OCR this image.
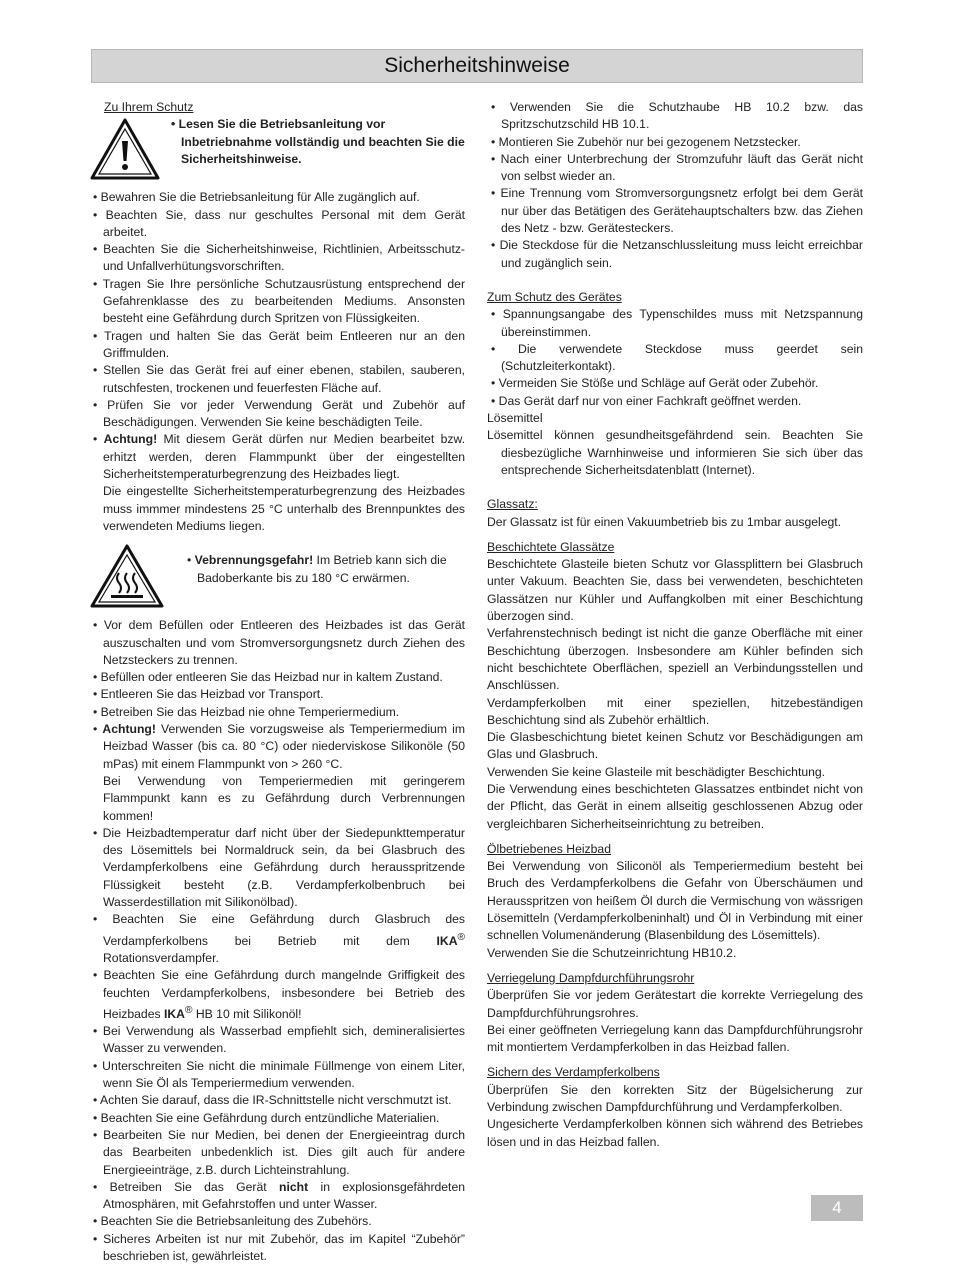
Sicherheitshinweise

Zu Ihrem Schutz

• Lesen Sie die Betriebsanleitung vor Inbetriebnahme vollständig und beachten Sie die Sicherheitshinweise.

• Bewahren Sie die Betriebsanleitung für Alle zugänglich auf.

• Beachten Sie, dass nur geschultes Personal mit dem Gerät arbeitet.

• Beachten Sie die Sicherheitshinweise, Richtlinien, Arbeitsschutz- und Unfallverhütungsvorschriften.

• Tragen Sie Ihre persönliche Schutzausrüstung entsprechend der Gefahrenklasse des zu bearbeitenden Mediums. Ansonsten besteht eine Gefährdung durch Spritzen von Flüssigkeiten.

• Tragen und halten Sie das Gerät beim Entleeren nur an den Griffmulden.

• Stellen Sie das Gerät frei auf einer ebenen, stabilen, sauberen, rutschfesten, trockenen und feuerfesten Fläche auf.

• Prüfen Sie vor jeder Verwendung Gerät und Zubehör auf Beschädigungen. Verwenden Sie keine beschädigten Teile.

• Achtung! Mit diesem Gerät dürfen nur Medien bearbeitet bzw. erhitzt werden, deren Flammpunkt über der eingestellten Sicherheitstemperaturbegrenzung des Heizbades liegt.

Die eingestellte Sicherheitstemperaturbegrenzung des Heizbades muss immmer mindestens 25 °C unterhalb des Brennpunktes des verwendeten Mediums liegen.

• Vebrennungsgefahr! Im Betrieb kann sich die Badoberkante bis zu 180 °C erwärmen.

• Vor dem Befüllen oder Entleeren des Heizbades ist das Gerät auszuschalten und vom Stromversorgungsnetz durch Ziehen des Netzsteckers zu trennen.

• Befüllen oder entleeren Sie das Heizbad nur in kaltem Zustand.

• Entleeren Sie das Heizbad vor Transport.

• Betreiben Sie das Heizbad nie ohne Temperiermedium.

• Achtung! Verwenden Sie vorzugsweise als Temperiermedium im Heizbad Wasser (bis ca. 80 °C) oder niederviskose Silikonöle (50 mPas) mit einem Flammpunkt von > 260 °C.

Bei Verwendung von Temperiermedien mit geringerem Flammpunkt kann es zu Gefährdung durch Verbrennungen kommen!

• Die Heizbadtemperatur darf nicht über der Siedepunkttemperatur des Lösemittels bei Normaldruck sein, da bei Glasbruch des Verdampferkolbens eine Gefährdung durch herausspritzende Flüssigkeit besteht (z.B. Verdampferkolbenbruch bei Wasserdestillation mit Silikonölbad).

• Beachten Sie eine Gefährdung durch Glasbruch des Verdampferkolbens bei Betrieb mit dem IKA® Rotationsverdampfer.

• Beachten Sie eine Gefährdung durch mangelnde Griffigkeit des feuchten Verdampferkolbens, insbesondere bei Betrieb des Heizbades IKA® HB 10 mit Silikonöl!

• Bei Verwendung als Wasserbad empfiehlt sich, demineralisiertes Wasser zu verwenden.

• Unterschreiten Sie nicht die minimale Füllmenge von einem Liter, wenn Sie Öl als Temperiermedium verwenden.

• Achten Sie darauf, dass die IR-Schnittstelle nicht verschmutzt ist.

• Beachten Sie eine Gefährdung durch entzündliche Materialien.

• Bearbeiten Sie nur Medien, bei denen der Energieeintrag durch das Bearbeiten unbedenklich ist. Dies gilt auch für andere Energieeinträge, z.B. durch Lichteinstrahlung.

• Betreiben Sie das Gerät nicht in explosionsgefährdeten Atmosphären, mit Gefahrstoffen und unter Wasser.

• Beachten Sie die Betriebsanleitung des Zubehörs.

• Sicheres Arbeiten ist nur mit Zubehör, das im Kapitel “Zubehör” beschrieben ist, gewährleistet.

• Verwenden Sie die Schutzhaube HB 10.2 bzw. das Spritzschutzschild HB 10.1.

• Montieren Sie Zubehör nur bei gezogenem Netzstecker.

• Nach einer Unterbrechung der Stromzufuhr läuft das Gerät nicht von selbst wieder an.

• Eine Trennung vom Stromversorgungsnetz erfolgt bei dem Gerät nur über das Betätigen des Gerätehauptschalters bzw. das Ziehen des Netz - bzw. Gerätesteckers.

• Die Steckdose für die Netzanschlussleitung muss leicht erreichbar und zugänglich sein.

Zum Schutz des Gerätes

• Spannungsangabe des Typenschildes muss mit Netzspannung übereinstimmen.

• Die verwendete Steckdose muss geerdet sein (Schutzleiterkontakt).

• Vermeiden Sie Stöße und Schläge auf Gerät oder Zubehör.

• Das Gerät darf nur von einer Fachkraft geöffnet werden.

Lösemittel

Lösemittel können gesundheitsgefährdend sein. Beachten Sie diesbezügliche Warnhinweise und informieren Sie sich über das entsprechende Sicherheitsdatenblatt (Internet).

Glassatz:

Der Glassatz ist für einen Vakuumbetrieb bis zu 1mbar ausgelegt.

Beschichtete Glassätze

Beschichtete Glasteile bieten Schutz vor Glassplittern bei Glasbruch unter Vakuum. Beachten Sie, dass bei verwendeten, beschichteten Glassätzen nur Kühler und Auffangkolben mit einer Beschichtung überzogen sind.

Verfahrenstechnisch bedingt ist nicht die ganze Oberfläche mit einer Beschichtung überzogen. Insbesondere am Kühler befinden sich nicht beschichtete Oberflächen, speziell an Verbindungsstellen und Anschlüssen.

Verdampferkolben mit einer speziellen, hitzebeständigen Beschichtung sind als Zubehör erhältlich.

Die Glasbeschichtung bietet keinen Schutz vor Beschädigungen am Glas und Glasbruch.

Verwenden Sie keine Glasteile mit beschädigter Beschichtung.

Die Verwendung eines beschichteten Glassatzes entbindet nicht von der Pflicht, das Gerät in einem allseitig geschlossenen Abzug oder vergleichbaren Sicherheitseinrichtung zu betreiben.

Ölbetriebenes Heizbad

Bei Verwendung von Siliconöl als Temperiermedium besteht bei Bruch des Verdampferkolbens die Gefahr von Überschäumen und Herausspritzen von heißem Öl durch die Vermischung von wässrigen Lösemitteln (Verdampferkolbeninhalt) und Öl in Verbindung mit einer schnellen Volumenänderung (Blasenbildung des Lösemittels).

Verwenden Sie die Schutzeinrichtung HB10.2.

Verriegelung Dampfdurchführungsrohr

Überprüfen Sie vor jedem Gerätestart die korrekte Verriegelung des Dampfdurchführungsrohres.

Bei einer geöffneten Verriegelung kann das Dampfdurchführungsrohr mit montiertem Verdampferkolben in das Heizbad fallen.

Sichern des Verdampferkolbens

Überprüfen Sie den korrekten Sitz der Bügelsicherung zur Verbindung zwischen Dampfdurchführung und Verdampferkolben.

Ungesicherte Verdampferkolben können sich während des Betriebes lösen und in das Heizbad fallen.

4
